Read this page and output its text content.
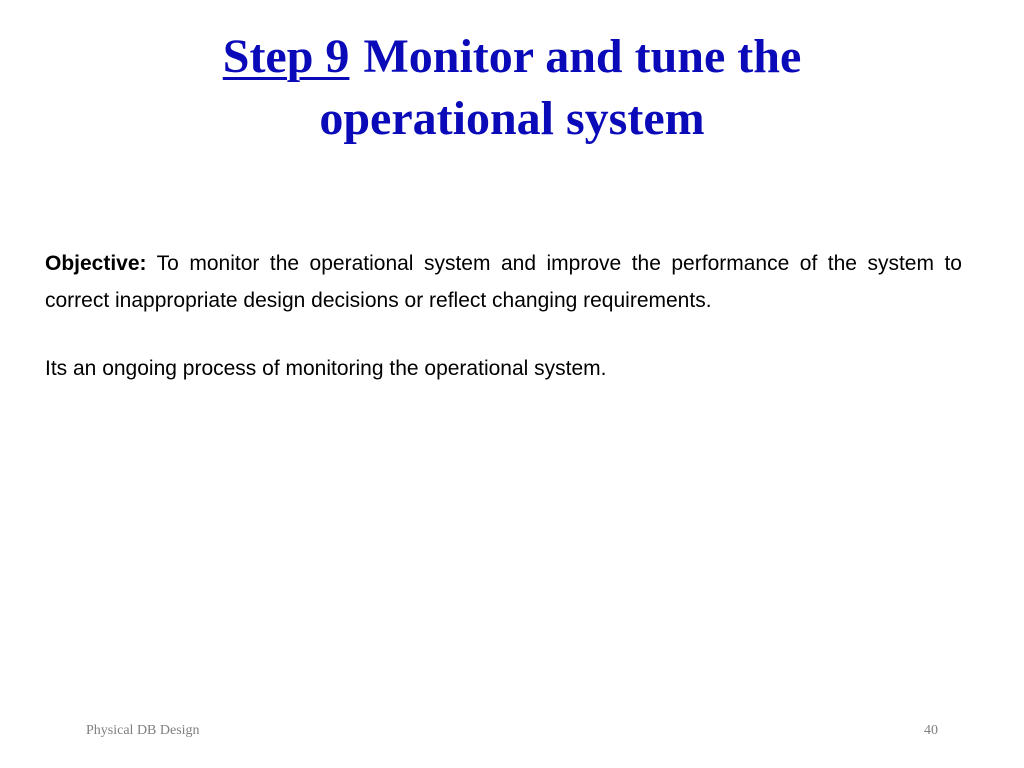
Step 9 Monitor and tune the operational system

Objective: To monitor the operational system and improve the performance of the system to correct inappropriate design decisions or reflect changing requirements.

Its an ongoing process of monitoring the operational system.

Physical DB Design	40
